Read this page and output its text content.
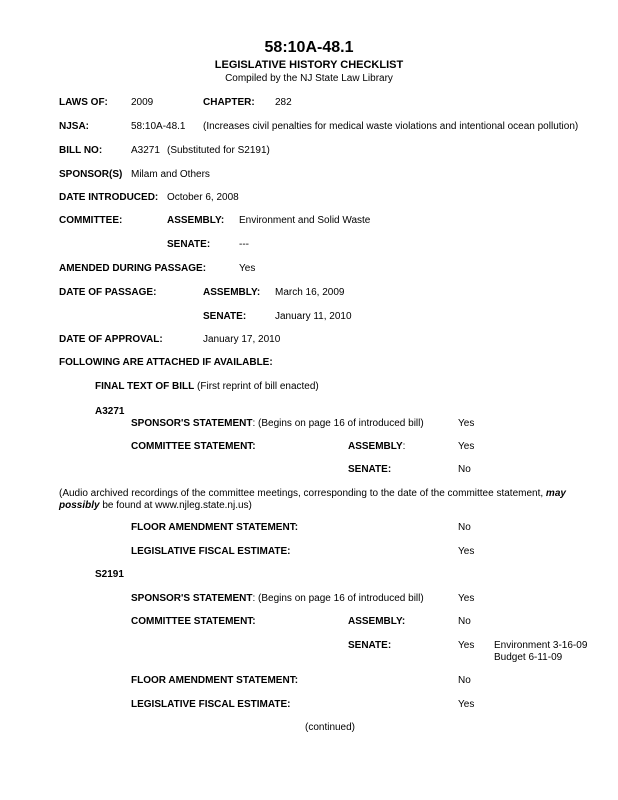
58:10A-48.1
LEGISLATIVE HISTORY CHECKLIST
Compiled by the NJ State Law Library
LAWS OF: 2009	CHAPTER: 282
NJSA:	58:10A-48.1 (Increases civil penalties for medical waste violations and intentional ocean pollution)
BILL NO:	A3271 (Substituted for S2191)
SPONSOR(S) Milam and Others
DATE INTRODUCED: October 6, 2008
COMMITTEE:	ASSEMBLY: Environment and Solid Waste
SENATE:	---
AMENDED DURING PASSAGE:	Yes
DATE OF PASSAGE:	ASSEMBLY: March 16, 2009
SENATE:	January 11, 2010
DATE OF APPROVAL:	January 17, 2010
FOLLOWING ARE ATTACHED IF AVAILABLE:
FINAL TEXT OF BILL (First reprint of bill enacted)
A3271
SPONSOR'S STATEMENT: (Begins on page 16 of introduced bill)	Yes
COMMITTEE STATEMENT:	ASSEMBLY:	Yes
SENATE:	No
(Audio archived recordings of the committee meetings, corresponding to the date of the committee statement, may possibly be found at www.njleg.state.nj.us)
FLOOR AMENDMENT STATEMENT:	No
LEGISLATIVE FISCAL ESTIMATE:	Yes
S2191
SPONSOR'S STATEMENT: (Begins on page 16 of introduced bill)	Yes
COMMITTEE STATEMENT:	ASSEMBLY:	No
SENATE:	Yes Environment 3-16-09
Budget 6-11-09
FLOOR AMENDMENT STATEMENT:	No
LEGISLATIVE FISCAL ESTIMATE:	Yes
(continued)
